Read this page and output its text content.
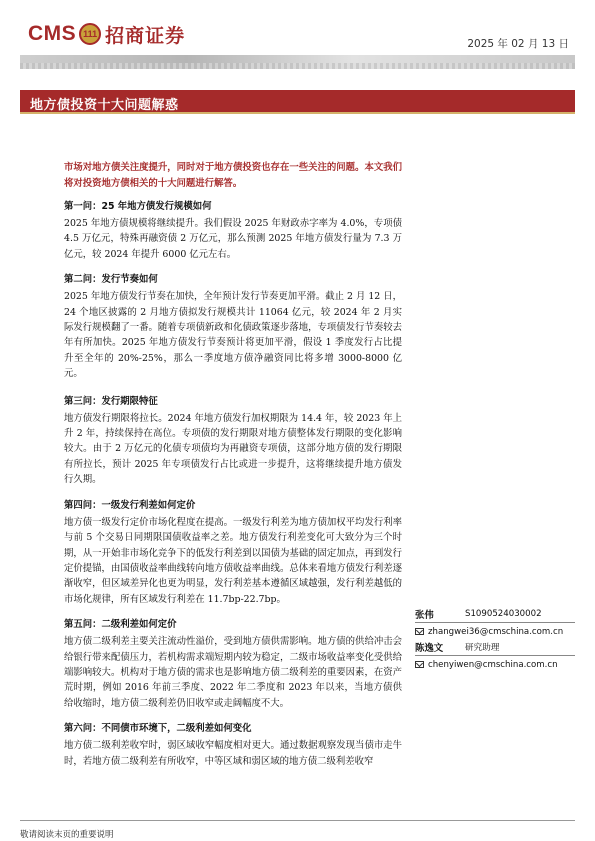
CMS 111 招商证券	2025 年 02 月 13 日
地方债投资十大问题解惑

市场对地方债关注度提升，同时对于地方债投资也存在一些关注的问题。本文我们将对投资地方债相关的十大问题进行解答。

第一问：25 年地方债发行规模如何

2025 年地方债规模将继续提升。我们假设 2025 年财政赤字率为 4.0%，专项债 4.5 万亿元，特殊再融资债 2 万亿元，那么预测 2025 年地方债发行量为 7.3 万亿元，较 2024 年提升 6000 亿元左右。

第二问：发行节奏如何

2025 年地方债发行节奏在加快，全年预计发行节奏更加平滑。截止 2 月 12 日，24 个地区披露的 2 月地方债拟发行规模共计 11064 亿元，较 2024 年 2 月实际发行规模翻了一番。随着专项债新政和化债政策逐步落地，专项债发行节奏较去年有所加快。2025 年地方债发行节奏预计将更加平滑，假设 1 季度发行占比提升至全年的 20%-25%，那么一季度地方债净融资同比将多增 3000-8000 亿元。

第三问：发行期限特征

地方债发行期限将拉长。2024 年地方债发行加权期限为 14.4 年，较 2023 年上升 2 年，持续保持在高位。专项债的发行期限对地方债整体发行期限的变化影响较大。由于 2 万亿元的化债专项债均为再融资专项债，这部分地方债的发行期限有所拉长，预计 2025 年专项债发行占比或进一步提升，这将继续提升地方债发行久期。

第四问：一级发行利差如何定价

地方债一级发行定价市场化程度在提高。一级发行利差为地方债加权平均发行利率与前 5 个交易日同期限国债收益率之差。地方债发行利差变化可大致分为三个时期，从一开始非市场化竞争下的低发行利差到以国债为基础的固定加点，再到发行定价提锚，由国债收益率曲线转向地方债收益率曲线。总体来看地方债发行利差逐渐收窄，但区域差异化也更为明显，发行利差基本遵循区域越强，发行利差越低的市场化规律，所有区域发行利差在 11.7bp-22.7bp。

第五问：二级利差如何定价

地方债二级利差主要关注流动性溢价，受到地方债供需影响。地方债的供给冲击会给银行带来配债压力，若机构需求端短期内较为稳定，二级市场收益率变化受供给端影响较大。机构对于地方债的需求也是影响地方债二级利差的重要因素，在资产荒时期，例如 2016 年前三季度、2022 年二季度和 2023 年以来，当地方债供给收缩时，地方债二级利差仍旧收窄或走阔幅度不大。

第六问：不同债市环境下，二级利差如何变化

地方债二级利差收窄时，弱区域收窄幅度相对更大。通过数据观察发现当债市走牛时，若地方债二级利差有所收窄，中等区域和弱区域的地方债二级利差收窄

张伟	S1090524030002
zhangwei36@cmschina.com.cn
陈逸文	研究助理
chenyiwen@cmschina.com.cn
敬请阅读末页的重要说明
